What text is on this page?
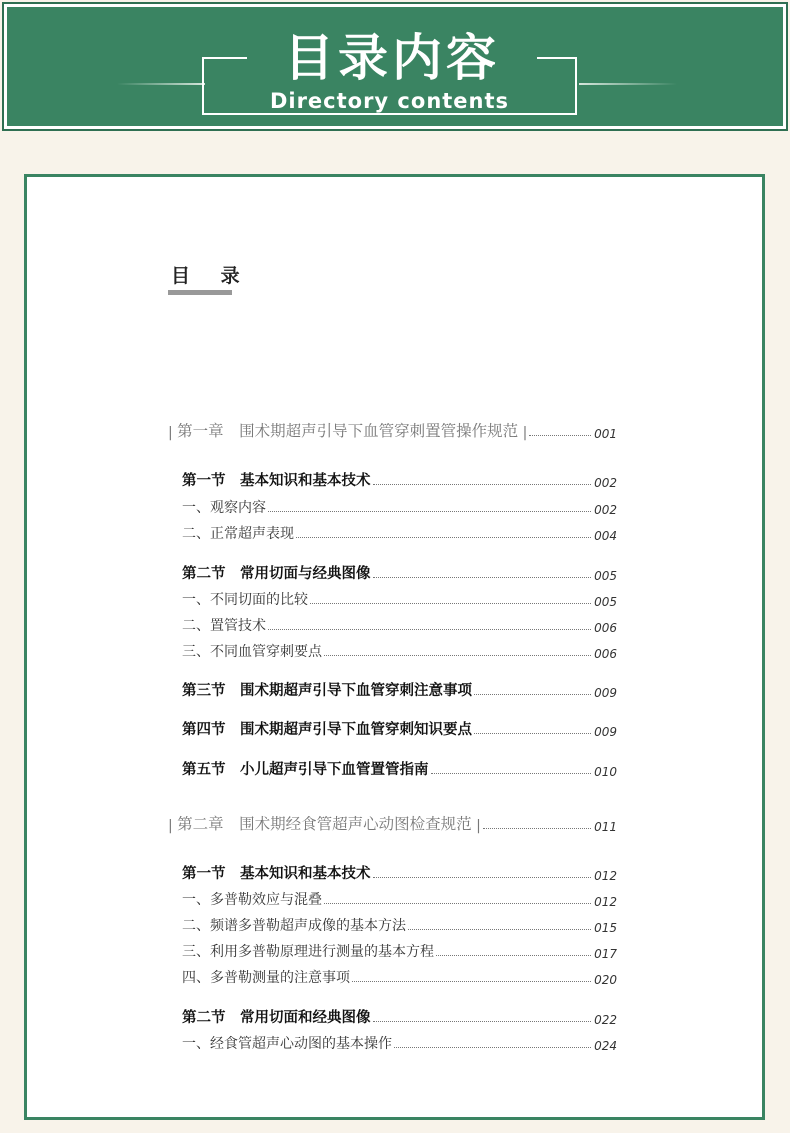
目录内容
Directory contents
目 录
| 第一章　围术期超声引导下血管穿刺置管操作规范 |	001
第一节　基本知识和基本技术	002
一、观察内容	002
二、正常超声表现	004
第二节　常用切面与经典图像	005
一、不同切面的比较	005
二、置管技术	006
三、不同血管穿刺要点	006
第三节　围术期超声引导下血管穿刺注意事项	009
第四节　围术期超声引导下血管穿刺知识要点	009
第五节　小儿超声引导下血管置管指南	010
| 第二章　围术期经食管超声心动图检查规范 |	011
第一节　基本知识和基本技术	012
一、多普勒效应与混叠	012
二、频谱多普勒超声成像的基本方法	015
三、利用多普勒原理进行测量的基本方程	017
四、多普勒测量的注意事项	020
第二节　常用切面和经典图像	022
一、经食管超声心动图的基本操作	024
